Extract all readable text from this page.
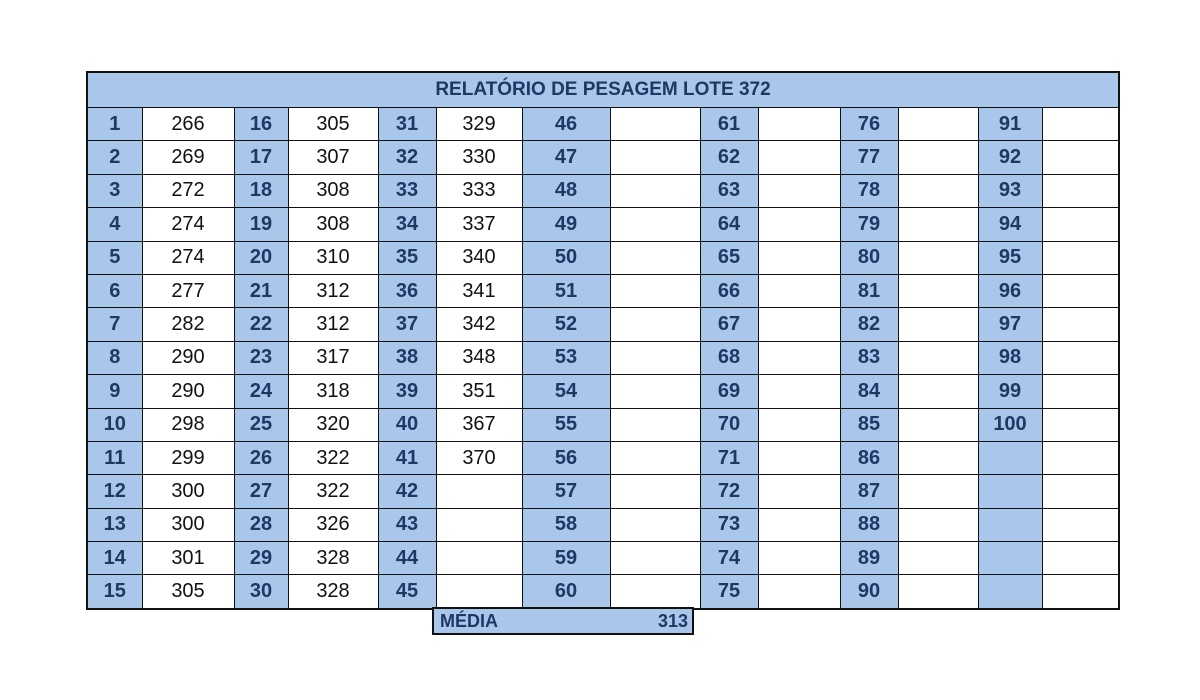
RELATÓRIO DE PESAGEM LOTE 372
1	266	16	305	31	329	46		61		76		91	
2	269	17	307	32	330	47		62		77		92	
3	272	18	308	33	333	48		63		78		93	
4	274	19	308	34	337	49		64		79		94	
5	274	20	310	35	340	50		65		80		95	
6	277	21	312	36	341	51		66		81		96	
7	282	22	312	37	342	52		67		82		97	
8	290	23	317	38	348	53		68		83		98	
9	290	24	318	39	351	54		69		84		99	
10	298	25	320	40	367	55		70		85		100	
11	299	26	322	41	370	56		71		86			
12	300	27	322	42		57		72		87			
13	300	28	326	43		58		73		88			
14	301	29	328	44		59		74		89			
15	305	30	328	45		60		75		90			
MÉDIA	313
